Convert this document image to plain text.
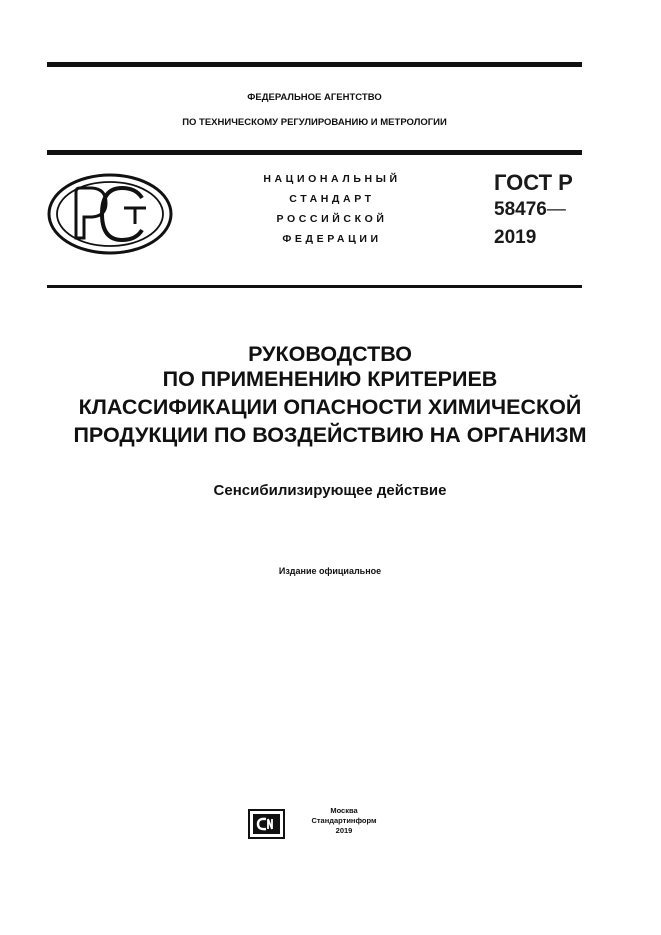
ФЕДЕРАЛЬНОЕ АГЕНТСТВО
ПО ТЕХНИЧЕСКОМУ РЕГУЛИРОВАНИЮ И МЕТРОЛОГИИ
НАЦИОНАЛЬНЫЙ
СТАНДАРТ
РОССИЙСКОЙ
ФЕДЕРАЦИИ
ГОСТ Р
58476—
2019
РУКОВОДСТВО
ПО ПРИМЕНЕНИЮ КРИТЕРИЕВ
КЛАССИФИКАЦИИ ОПАСНОСТИ ХИМИЧЕСКОЙ
ПРОДУКЦИИ ПО ВОЗДЕЙСТВИЮ НА ОРГАНИЗМ
Сенсибилизирующее действие
Издание официальное
Москва
Стандартинформ
2019
